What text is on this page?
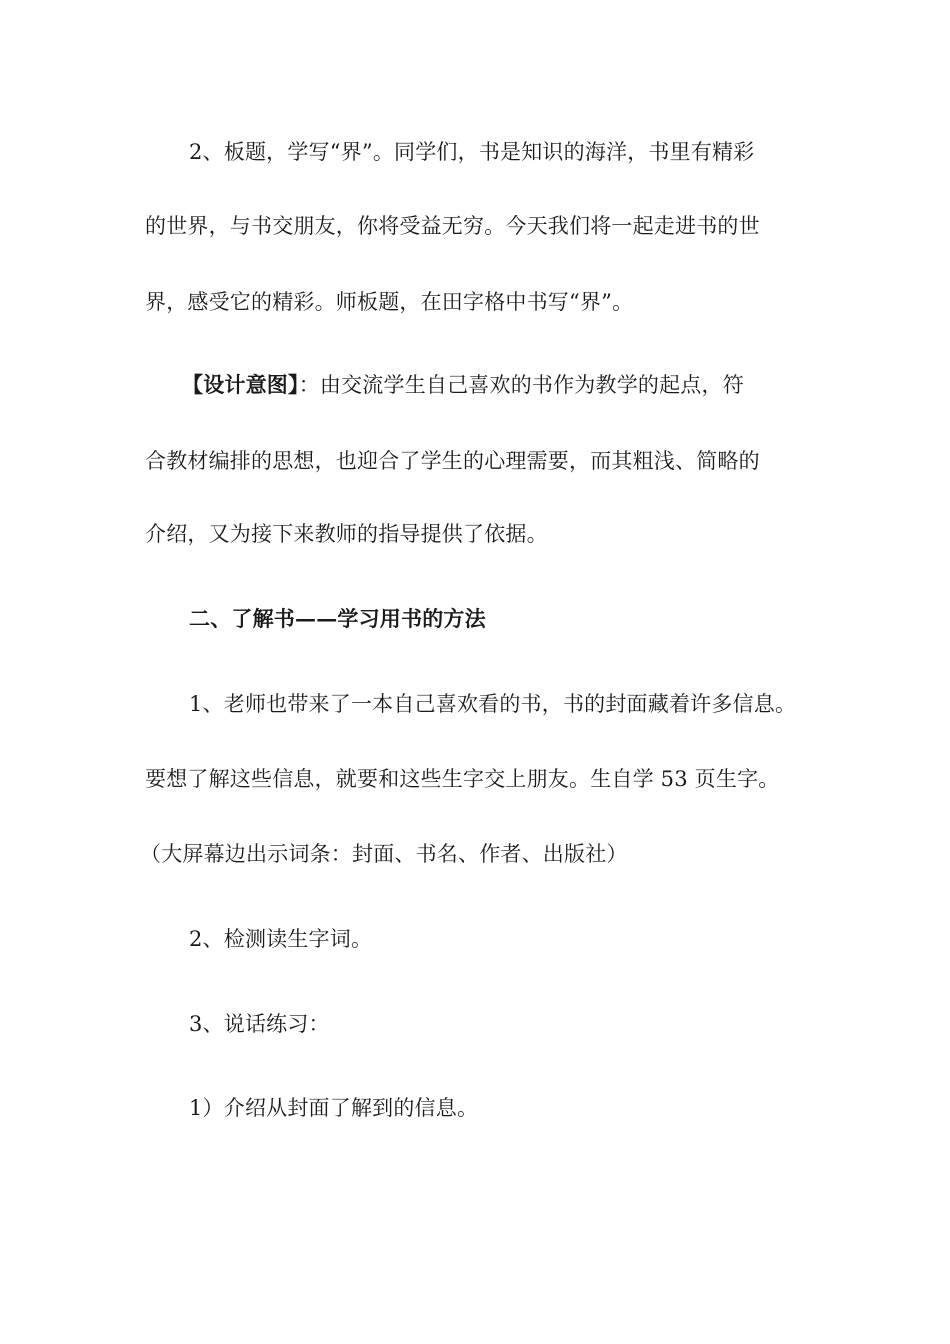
2、板题，学写“界”。同学们，书是知识的海洋，书里有精彩
的世界，与书交朋友，你将受益无穷。今天我们将一起走进书的世
界，感受它的精彩。师板题，在田字格中书写“界”。
【设计意图】：由交流学生自己喜欢的书作为教学的起点，符
合教材编排的思想，也迎合了学生的心理需要，而其粗浅、简略的
介绍，又为接下来教师的指导提供了依据。
二、了解书——学习用书的方法
1、老师也带来了一本自己喜欢看的书，书的封面藏着许多信息。
要想了解这些信息，就要和这些生字交上朋友。生自学 53 页生字。
（大屏幕边出示词条：封面、书名、作者、出版社）
2、检测读生字词。
3、说话练习：
1）介绍从封面了解到的信息。
